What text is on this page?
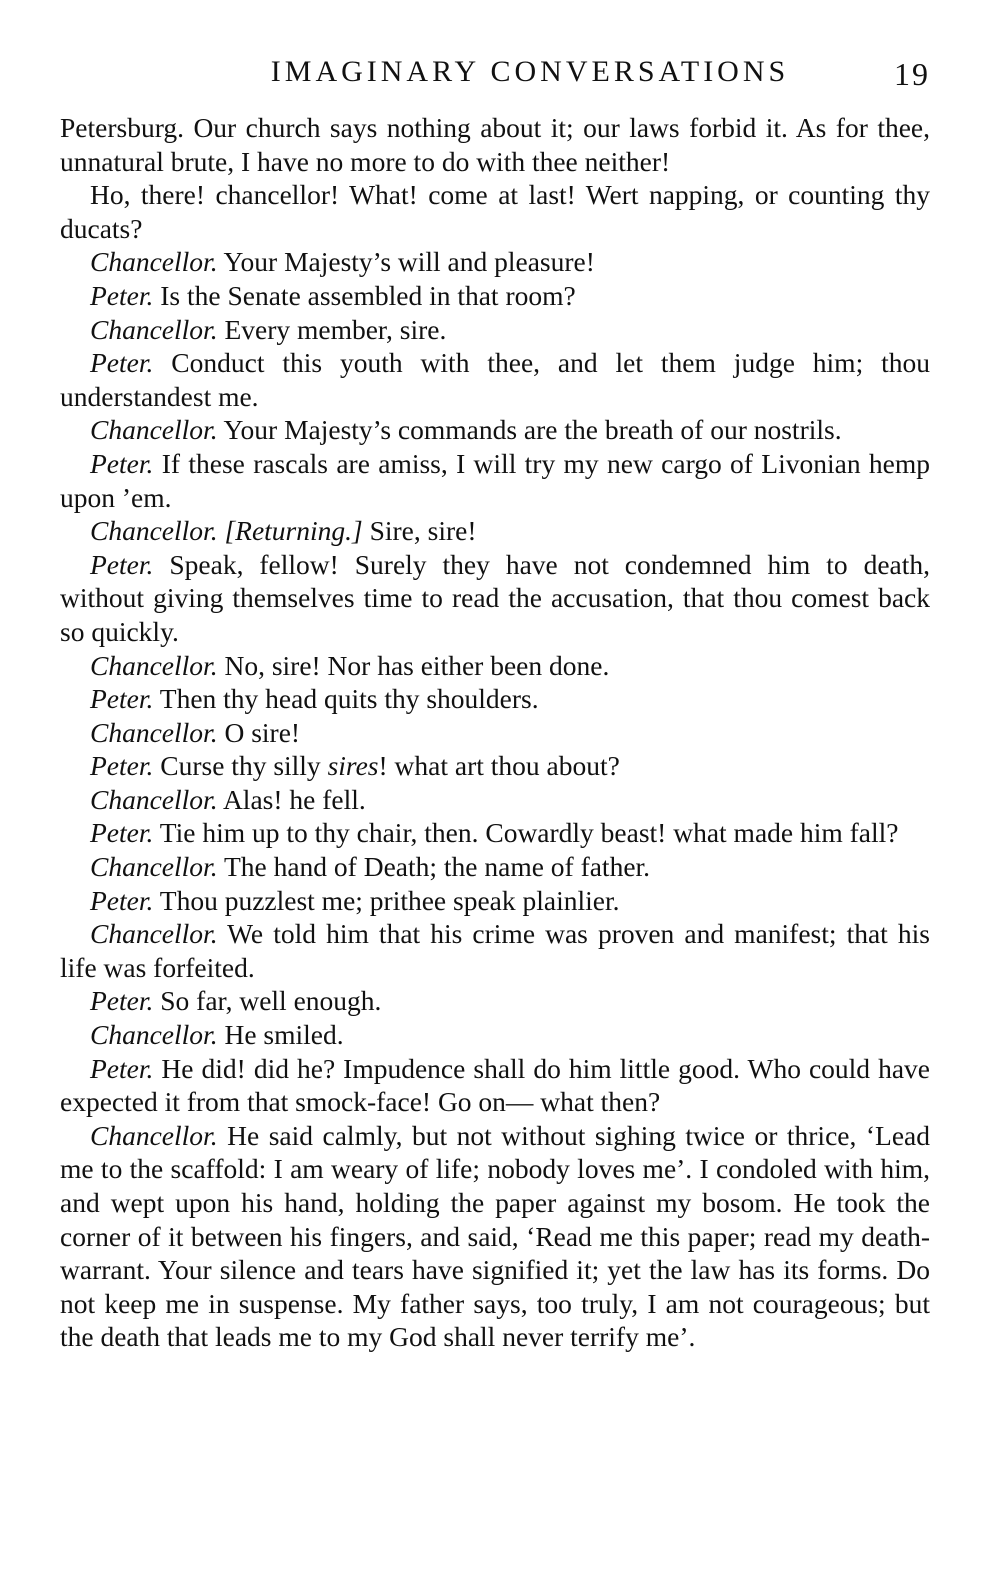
IMAGINARY CONVERSATIONS	19

Petersburg. Our church says nothing about it; our laws forbid it. As for thee, unnatural brute, I have no more to do with thee neither!

Ho, there! chancellor! What! come at last! Wert napping, or counting thy ducats?

Chancellor. Your Majesty’s will and pleasure!

Peter. Is the Senate assembled in that room?

Chancellor. Every member, sire.

Peter. Conduct this youth with thee, and let them judge him; thou understandest me.

Chancellor. Your Majesty’s commands are the breath of our nostrils.

Peter. If these rascals are amiss, I will try my new cargo of Livonian hemp upon ’em.

Chancellor. [Returning.] Sire, sire!

Peter. Speak, fellow! Surely they have not condemned him to death, without giving themselves time to read the accusation, that thou comest back so quickly.

Chancellor. No, sire! Nor has either been done.

Peter. Then thy head quits thy shoulders.

Chancellor. O sire!

Peter. Curse thy silly sires! what art thou about?

Chancellor. Alas! he fell.

Peter. Tie him up to thy chair, then. Cowardly beast! what made him fall?

Chancellor. The hand of Death; the name of father.

Peter. Thou puzzlest me; prithee speak plainlier.

Chancellor. We told him that his crime was proven and manifest; that his life was forfeited.

Peter. So far, well enough.

Chancellor. He smiled.

Peter. He did! did he? Impudence shall do him little good. Who could have expected it from that smock-face! Go on— what then?

Chancellor. He said calmly, but not without sighing twice or thrice, ‘Lead me to the scaffold: I am weary of life; nobody loves me’. I condoled with him, and wept upon his hand, holding the paper against my bosom. He took the corner of it between his fingers, and said, ‘Read me this paper; read my death-warrant. Your silence and tears have signified it; yet the law has its forms. Do not keep me in suspense. My father says, too truly, I am not courageous; but the death that leads me to my God shall never terrify me’.
